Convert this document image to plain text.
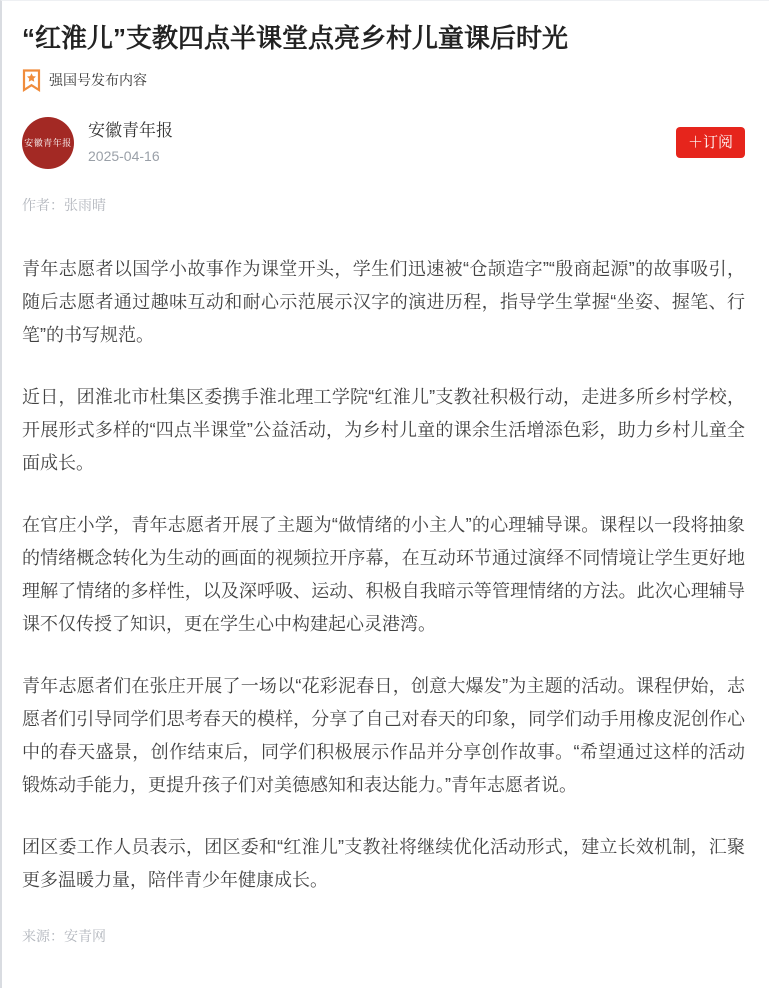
“红淮儿”支教四点半课堂点亮乡村儿童课后时光
强国号发布内容
安徽青年报
安徽青年报
2025-04-16
＋订阅
作者：张雨晴

青年志愿者以国学小故事作为课堂开头，学生们迅速被“仓颉造字”“殷商起源”的故事吸引，随后志愿者通过趣味互动和耐心示范展示汉字的演进历程，指导学生掌握“坐姿、握笔、行笔”的书写规范。

近日，团淮北市杜集区委携手淮北理工学院“红淮儿”支教社积极行动，走进多所乡村学校，开展形式多样的“四点半课堂”公益活动，为乡村儿童的课余生活增添色彩，助力乡村儿童全面成长。

在官庄小学，青年志愿者开展了主题为“做情绪的小主人”的心理辅导课。课程以一段将抽象的情绪概念转化为生动的画面的视频拉开序幕，在互动环节通过演绎不同情境让学生更好地理解了情绪的多样性，以及深呼吸、运动、积极自我暗示等管理情绪的方法。此次心理辅导课不仅传授了知识，更在学生心中构建起心灵港湾。

青年志愿者们在张庄开展了一场以“花彩泥春日，创意大爆发”为主题的活动。课程伊始，志愿者们引导同学们思考春天的模样，分享了自己对春天的印象，同学们动手用橡皮泥创作心中的春天盛景，创作结束后，同学们积极展示作品并分享创作故事。“希望通过这样的活动锻炼动手能力，更提升孩子们对美德感知和表达能力。”青年志愿者说。

团区委工作人员表示，团区委和“红淮儿”支教社将继续优化活动形式，建立长效机制，汇聚更多温暖力量，陪伴青少年健康成长。

来源：安青网
